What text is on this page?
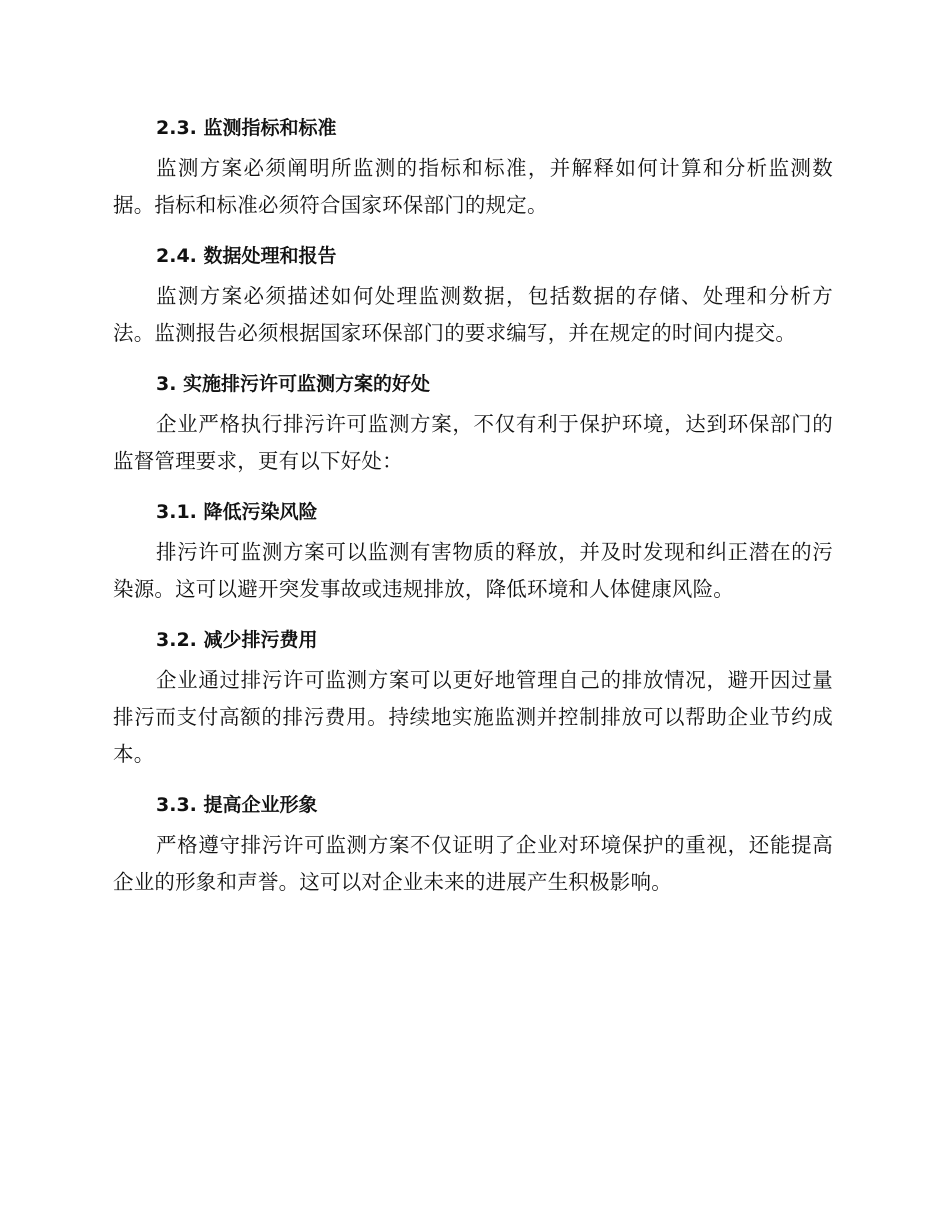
2.3. 监测指标和标准

监测方案必须阐明所监测的指标和标准，并解释如何计算和分析监测数据。指标和标准必须符合国家环保部门的规定。

2.4. 数据处理和报告

监测方案必须描述如何处理监测数据，包括数据的存储、处理和分析方法。监测报告必须根据国家环保部门的要求编写，并在规定的时间内提交。

3. 实施排污许可监测方案的好处

企业严格执行排污许可监测方案，不仅有利于保护环境，达到环保部门的监督管理要求，更有以下好处：

3.1. 降低污染风险

排污许可监测方案可以监测有害物质的释放，并及时发现和纠正潜在的污染源。这可以避开突发事故或违规排放，降低环境和人体健康风险。

3.2. 减少排污费用

企业通过排污许可监测方案可以更好地管理自己的排放情况，避开因过量排污而支付高额的排污费用。持续地实施监测并控制排放可以帮助企业节约成本。

3.3. 提高企业形象

严格遵守排污许可监测方案不仅证明了企业对环境保护的重视，还能提高企业的形象和声誉。这可以对企业未来的进展产生积极影响。
